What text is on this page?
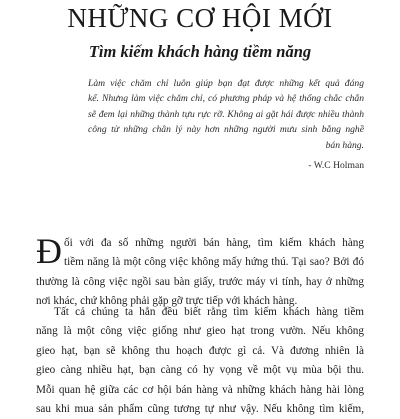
NHỮNG CƠ HỘI MỚI
Tìm kiếm khách hàng tiềm năng
Làm việc chăm chỉ luôn giúp bạn đạt được những kết quả đáng
kể. Nhưng làm việc chăm chỉ, có phương pháp và hệ thống chắc chắn
sẽ đem lại những thành tựu rực rỡ. Không ai gặt hái được nhiều thành
công từ những chân lý này hơn những người mưu sinh bằng nghề
bán hàng.
- W.C Holman
Đ ối với đa số những người bán hàng, tìm kiếm khách hàng
tiềm năng là một công việc không mấy hứng thú. Tại sao? Bởi đó
thường là công việc ngồi sau bàn giấy, trước máy vi tính, hay ở những
nơi khác, chứ không phải gặp gỡ trực tiếp với khách hàng.
Tất cả chúng ta hẳn đều biết rằng tìm kiếm khách hàng tiềm
năng là một công việc giống như gieo hạt trong vườn. Nếu không
gieo hạt, bạn sẽ không thu hoạch được gì cả. Và đương nhiên là
gieo càng nhiều hạt, bạn càng có hy vọng về một vụ mùa bội thu.
Mỗi quan hệ giữa các cơ hội bán hàng và những khách hàng hài lòng
sau khi mua sản phẩm cũng tương tự như vậy. Nếu không tìm kiếm,
